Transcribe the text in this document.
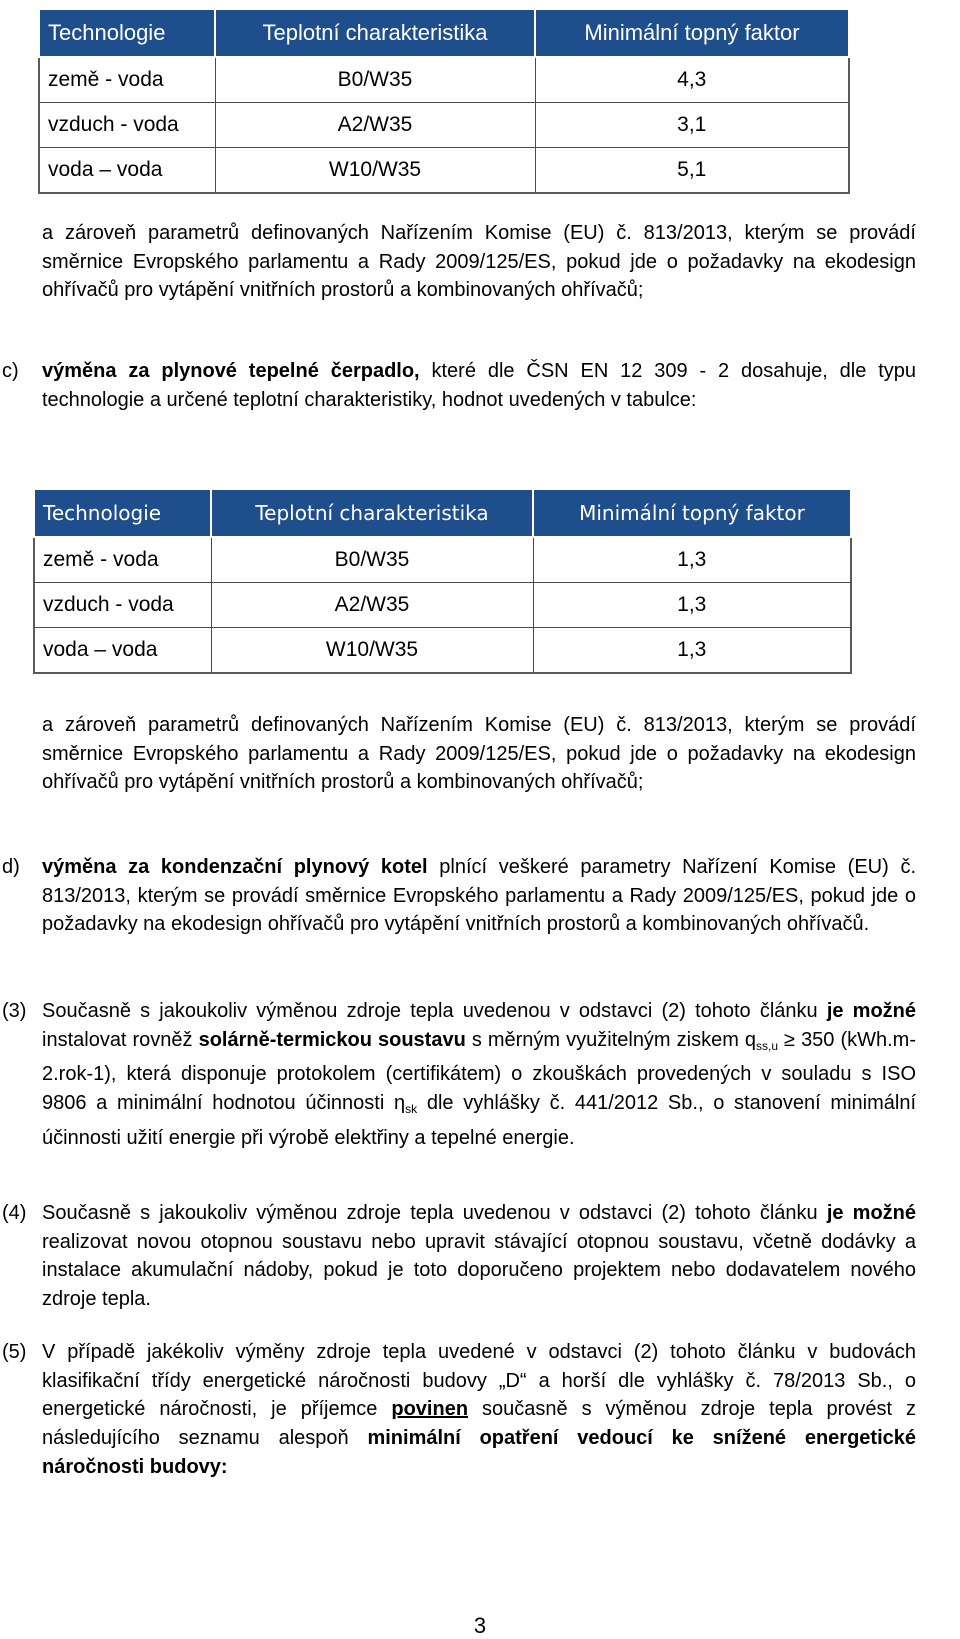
Technologie	Teplotní charakteristika	Minimální topný faktor
země - voda	B0/W35	4,3
vzduch - voda	A2/W35	3,1
voda – voda	W10/W35	5,1

a zároveň parametrů definovaných Nařízením Komise (EU) č. 813/2013, kterým se provádí směrnice Evropského parlamentu a Rady 2009/125/ES, pokud jde o požadavky na ekodesign ohřívačů pro vytápění vnitřních prostorů a kombinovaných ohřívačů;

c) výměna za plynové tepelné čerpadlo, které dle ČSN EN 12 309 - 2 dosahuje, dle typu technologie a určené teplotní charakteristiky, hodnot uvedených v tabulce:

Technologie	Teplotní charakteristika	Minimální topný faktor
země - voda	B0/W35	1,3
vzduch - voda	A2/W35	1,3
voda – voda	W10/W35	1,3

a zároveň parametrů definovaných Nařízením Komise (EU) č. 813/2013, kterým se provádí směrnice Evropského parlamentu a Rady 2009/125/ES, pokud jde o požadavky na ekodesign ohřívačů pro vytápění vnitřních prostorů a kombinovaných ohřívačů;

d) výměna za kondenzační plynový kotel plnící veškeré parametry Nařízení Komise (EU) č. 813/2013, kterým se provádí směrnice Evropského parlamentu a Rady 2009/125/ES, pokud jde o požadavky na ekodesign ohřívačů pro vytápění vnitřních prostorů a kombinovaných ohřívačů.

(3) Současně s jakoukoliv výměnou zdroje tepla uvedenou v odstavci (2) tohoto článku je možné instalovat rovněž solárně-termickou soustavu s měrným využitelným ziskem $q_{ss,u} \ge 350$ (kWh.m-2.rok-1), která disponuje protokolem (certifikátem) o zkouškách provedených v souladu s ISO 9806 a minimální hodnotou účinnosti $\eta_{sk}$ dle vyhlášky č. 441/2012 Sb., o stanovení minimální účinnosti užití energie při výrobě elektřiny a tepelné energie.

(4) Současně s jakoukoliv výměnou zdroje tepla uvedenou v odstavci (2) tohoto článku je možné realizovat novou otopnou soustavu nebo upravit stávající otopnou soustavu, včetně dodávky a instalace akumulační nádoby, pokud je toto doporučeno projektem nebo dodavatelem nového zdroje tepla.

(5) V případě jakékoliv výměny zdroje tepla uvedené v odstavci (2) tohoto článku v budovách klasifikační třídy energetické náročnosti budovy „D“ a horší dle vyhlášky č. 78/2013 Sb., o energetické náročnosti, je příjemce povinen současně s výměnou zdroje tepla provést z následujícího seznamu alespoň minimální opatření vedoucí ke snížené energetické náročnosti budovy:

3
